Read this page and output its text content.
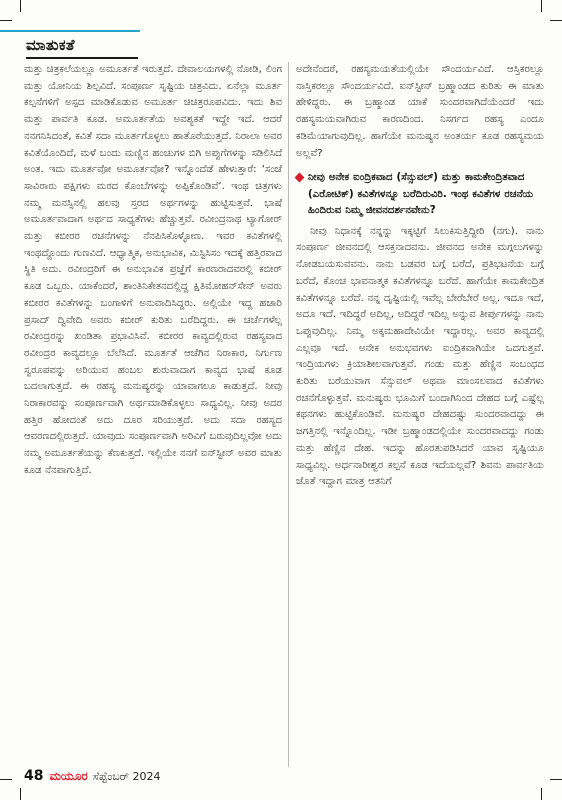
ಮಾತುಕತೆ

ಮತ್ತು ಚಿತ್ರಕಲೆಯಲ್ಲೂ ಅಮೂರ್ತತೆ ಇರುತ್ತದೆ. ದೇವಾಲಯಗಳಲ್ಲಿ ನೋಡಿ, ಲಿಂಗ ಮತ್ತು ಯೋನಿಯ ಶಿಲ್ಪವಿದೆ. ಸಂಪೂರ್ಣ ಸೃಷ್ಟಿಯ ಚಿತ್ರವಿದು. ಏನೆಲ್ಲಾ ಮೂರ್ತ ಕಲ್ಪನೆಗಳಿಗೆ ಅಸ್ಪದ ಮಾಡಿಕೊಡುವ ಅಮೂರ್ತ ಚಿಚಿತ್ರರೂಪವಿದು. ಇದು ಶಿವ ಮತ್ತು ಪಾರ್ವತಿ ಕೂಡ. ಅಮೂರ್ತತೆಯ ಅವಶ್ಯಕತೆ ಇದ್ದೇ ಇದೆ. ಆದರೆ ನನಗನಿಸಿದಂತೆ, ಕವಿತೆ ಸದಾ ಮೂರ್ತಗೊಳ್ಳಲು ಹಾತೊರೆಯುತ್ತದೆ. ನಿರಾಲಾ ಅವರ ಕವಿತೆಯೊಂದಿದೆ, ಮಳೆ ಬಂದು ಮಣ್ಣಿನ ಹಂಚುಗಳ ಬಿಗಿ ಅಪ್ಪುಗೆಗಳನ್ನು ಸಡಿಲಿಸಿದೆ ಅಂತ. ಇದು ಮೂರ್ತವೋ ಅಮೂರ್ತವೋ? ಇನ್ನೊಂದೆಡೆ ಹೇಳುತ್ತಾರೆ: ‘ಸಂಜೆ ಸಾವಿರಾರು ಪಕ್ಷಿಗಳು ಮರದ ಕೊಂಬೆಗಳನ್ನು ಅಪ್ಪಿಕೊಂಡಿವೆ’. ಇಂಥ ಚಿತ್ರಗಳು ನಮ್ಮ ಮನಸ್ಸಿನಲ್ಲಿ ಹಲವು ಸ್ತರದ ಅರ್ಥಗಳನ್ನು ಹುಟ್ಟಿಸುತ್ತವೆ. ಭಾಷೆ ಅಮೂರ್ತವಾದಾಗ ಅರ್ಥದ ಸಾಧ್ಯತೆಗಳು ಹೆಚ್ಚುತ್ತವೆ. ರವೀಂದ್ರನಾಥ ಟ್ಯಾಗೋರ್ ಮತ್ತು ಕಬೀರರ ರಚನೆಗಳನ್ನು ನೆನಪಿಸಿಕೊಳ್ಳೋಣ. ಇವರ ಕವಿತೆಗಳಲ್ಲಿ ಇಂಥದ್ದೊಂದು ಗುಣವಿದೆ. ಆಧ್ಯಾತ್ಮಿಕ, ಅನುಭಾವಿಕ, ಮಿಸ್ಟಿಸಿಸಂ ಇದಕ್ಕೆ ಹತ್ತಿರವಾದ ಸ್ಥಿತಿ ಅದು. ರವೀಂದ್ರರಿಗೆ ಈ ಅನುಭಾವಿಕ ಪ್ರಜ್ಞೆಗೆ ಕಾರಣರಾದವರಲ್ಲಿ ಕಬೀರ್ ಕೂಡ ಒಬ್ಬರು. ಯಾಕೆಂದರೆ, ಶಾಂತಿನಿಕೇತನದಲ್ಲಿದ್ದ ಕ್ಷಿತಿಮೋಹನ್‌ಸೇನ್ ಅವರು ಕಬೀರರ ಕವಿತೆಗಳನ್ನು ಬಂಗಾಳಿಗೆ ಅನುವಾದಿಸಿದ್ದರು. ಅಲ್ಲಿಯೇ ಇದ್ದ ಹಜಾರಿ ಪ್ರಸಾದ್ ದ್ವಿವೇದಿ ಅವರು ಕಬೀರ್ ಕುರಿತು ಬರೆದಿದ್ದರು. ಈ ಚರ್ಚೆಗಳೆಲ್ಲ ರವೀಂದ್ರರನ್ನು ಖಂಡಿತಾ ಪ್ರಭಾವಿಸಿವೆ. ಕಬೀರರ ಕಾವ್ಯದಲ್ಲಿರುವ ರಹಸ್ಯವಾದ ರವೀಂದ್ರರ ಕಾವ್ಯದಲ್ಲೂ ಬೆಲೆಸಿದೆ. ಮೂರ್ತತೆ ಆಚೆಗಿನ ನಿರಾಕಾರ, ನಿರ್ಗುಣ ಸ್ವರೂಪವನ್ನು ಅರಿಯುವ ಹಂಬಲ ಶುರುವಾದಾಗ ಕಾವ್ಯದ ಭಾಷೆ ಕೂಡ ಬದಲಾಗುತ್ತದೆ. ಈ ರಹಸ್ಯ ಮನುಷ್ಯರನ್ನು ಯಾವಾಗಲೂ ಕಾಡುತ್ತದೆ. ನೀವು ನಿರಾಕಾರವನ್ನು ಸಂಪೂರ್ಣವಾಗಿ ಅರ್ಥಮಾಡಿಕೊಳ್ಳಲು ಸಾಧ್ಯವಿಲ್ಲ. ನೀವು ಅದರ ಹತ್ತಿರ ಹೋದಂತೆ ಅದು ದೂರ ಸರಿಯುತ್ತದೆ. ಅದು ಸದಾ ರಹಸ್ಯದ ಆವರಣದಲ್ಲಿರುತ್ತದೆ. ಯಾವುದು ಸಂಪೂರ್ಣವಾಗಿ ಅರಿವಿಗೆ ಬರುವುದಿಲ್ಲವೋ ಅದು ನಮ್ಮ ಅಮೂರ್ತತೆಯನ್ನು ಕೆಣಕುತ್ತದೆ. ಇಲ್ಲಿಯೇ ನನಗೆ ಐನ್‌ಸ್ಟೀನ್ ಅವರ ಮಾತು ಕೂಡ ನೆನಪಾಗುತ್ತಿದೆ.

ಅದೇನೆಂದರೆ, ರಹಸ್ಯಮಯತೆಯಲ್ಲಿಯೇ ಸೌಂದರ್ಯವಿದೆ. ಆಸ್ತಿಕರಲ್ಲೂ ನಾಸ್ತಿಕರಲ್ಲೂ ಸೌಂದರ್ಯವಿದೆ. ಐನ್‌ಸ್ಟೀನ್ ಬ್ರಹ್ಮಾಂಡದ ಕುರಿತು ಈ ಮಾತು ಹೇಳಿದ್ದರು. ಈ ಬ್ರಹ್ಮಾಂಡ ಯಾಕೆ ಸುಂದರವಾಗಿದೆಯೆಂದರೆ ಇದು ರಹಸ್ಯಮಯವಾಗಿರುವ ಕಾರಣದಿಂದ. ನಿಸರ್ಗದ ರಹಸ್ಯ ಎಂದೂ ಕಡಿಮೆಯಾಗುವುದಿಲ್ಲ. ಹಾಗೆಯೇ ಮನುಷ್ಯನ ಅಂತರ್ಯ ಕೂಡ ರಹಸ್ಯಮಯ ಅಲ್ಲವೆ?

ನೀವು ಅನೇಕ ಐಂದ್ರಿಕವಾದ (ಸೆನ್ಸುವಲ್) ಮತ್ತು ಕಾಮಕೇಂದ್ರಿತವಾದ (ಎರೋಟಿಕ್) ಕವಿತೆಗಳನ್ನೂ ಬರೆದಿರುವಿರಿ. ಇಂಥ ಕವಿತೆಗಳ ರಚನೆಯ ಹಿಂದಿರುವ ನಿಮ್ಮ ಜೀವನದರ್ಶನವೇನು?

ನೀವು ನಿಧಾನಕ್ಕೆ ನನ್ನನ್ನು ಇಕ್ಕಟ್ಟಿಗೆ ಸಿಲುಕಿಸುತ್ತಿದ್ದೀರಿ (ನಗು). ನಾನು ಸಂಪೂರ್ಣ ಜೀವನದಲ್ಲಿ ಆಸಕ್ತನಾದವನು. ಜೀವನದ ಅನೇಕ ಮಗ್ಗಲುಗಳನ್ನು ನೋಡಬಯಸುವವನು. ನಾನು ಬಡವರ ಬಗ್ಗೆ ಬರೆದೆ, ಪ್ರತಿಭಟನೆಯ ಬಗ್ಗೆ ಬರೆದೆ, ಕೊಂಚ ಭಾವನಾತ್ಮಕ ಕವಿತೆಗಳನ್ನೂ ಬರೆದೆ. ಹಾಗೆಯೇ ಕಾಮಕೇಂದ್ರಿತ ಕವಿತೆಗಳನ್ನೂ ಬರೆದೆ. ನನ್ನ ದೃಷ್ಟಿಯಲ್ಲಿ ಇವೆಲ್ಲ ಬೇರೆಬೇರೆ ಅಲ್ಲ. ಇದೂ ಇದೆ, ಅದೂ ಇದೆ. ಇದಿದ್ದರೆ ಅದಿಲ್ಲ, ಅದಿದ್ದರೆ ಇದಿಲ್ಲ ಅನ್ನುವ ತೀರ್ಪುಗಳನ್ನು ನಾನು ಒಪ್ಪುವುದಿಲ್ಲ. ನಿಮ್ಮ ಅಕ್ಕಮಹಾದೇವಿಯೇ ಇದ್ದಾರಲ್ಲ. ಅವರ ಕಾವ್ಯದಲ್ಲಿ ಎಲ್ಲವೂ ಇದೆ. ಅನೇಕ ಅನುಭವಗಳು ಐಂದ್ರಿಕವಾಗಿಯೇ ಒದಗುತ್ತವೆ. ಇಂದ್ರಿಯಗಳು ಕ್ರಿಯಾಶೀಲವಾಗುತ್ತವೆ. ಗಂಡು ಮತ್ತು ಹೆಣ್ಣಿನ ಸಂಬಂಧದ ಕುರಿತು ಬರೆಯುವಾಗ ಸೆನ್ಸುವಲ್ ಅಥವಾ ಮಾಂಸಲವಾದ ಕವಿತೆಗಳು ರಚನೆಗೊಳ್ಳುತ್ತವೆ. ಮನುಷ್ಯರು ಭೂಮಿಗೆ ಬಂದಾಗಿನಿಂದ ದೇಹದ ಬಗ್ಗೆ ಎಷ್ಟೆಲ್ಲ ಕಥನಗಳು ಹುಟ್ಟಿಕೊಂಡಿವೆ. ಮನುಷ್ಯರ ದೇಹದಷ್ಟು ಸುಂದರವಾದದ್ದು ಈ ಜಗತ್ತಿನಲ್ಲಿ ಇನ್ನೊಂದಿಲ್ಲ. ಇಡೀ ಬ್ರಹ್ಮಾಂಡದಲ್ಲಿಯೇ ಸುಂದರವಾದದ್ದು ಗಂಡು ಮತ್ತು ಹೆಣ್ಣಿನ ದೇಹ. ಇದನ್ನು ಹೊರತುಪಡಿಸಿದರೆ ಯಾವ ಸೃಷ್ಟಿಯೂ ಸಾಧ್ಯವಿಲ್ಲ. ಅರ್ಧನಾರೀಶ್ವರ ಕಲ್ಪನೆ ಕೂಡ ಇದೆಯಲ್ಲವೆ? ಶಿವನು ಪಾರ್ವತಿಯ ಜೊತೆ ಇದ್ದಾಗ ಮಾತ್ರ ಆತನಿಗೆ

48 ಮಯೂರ ಸೆಪ್ಟೆಂಬರ್ 2024
